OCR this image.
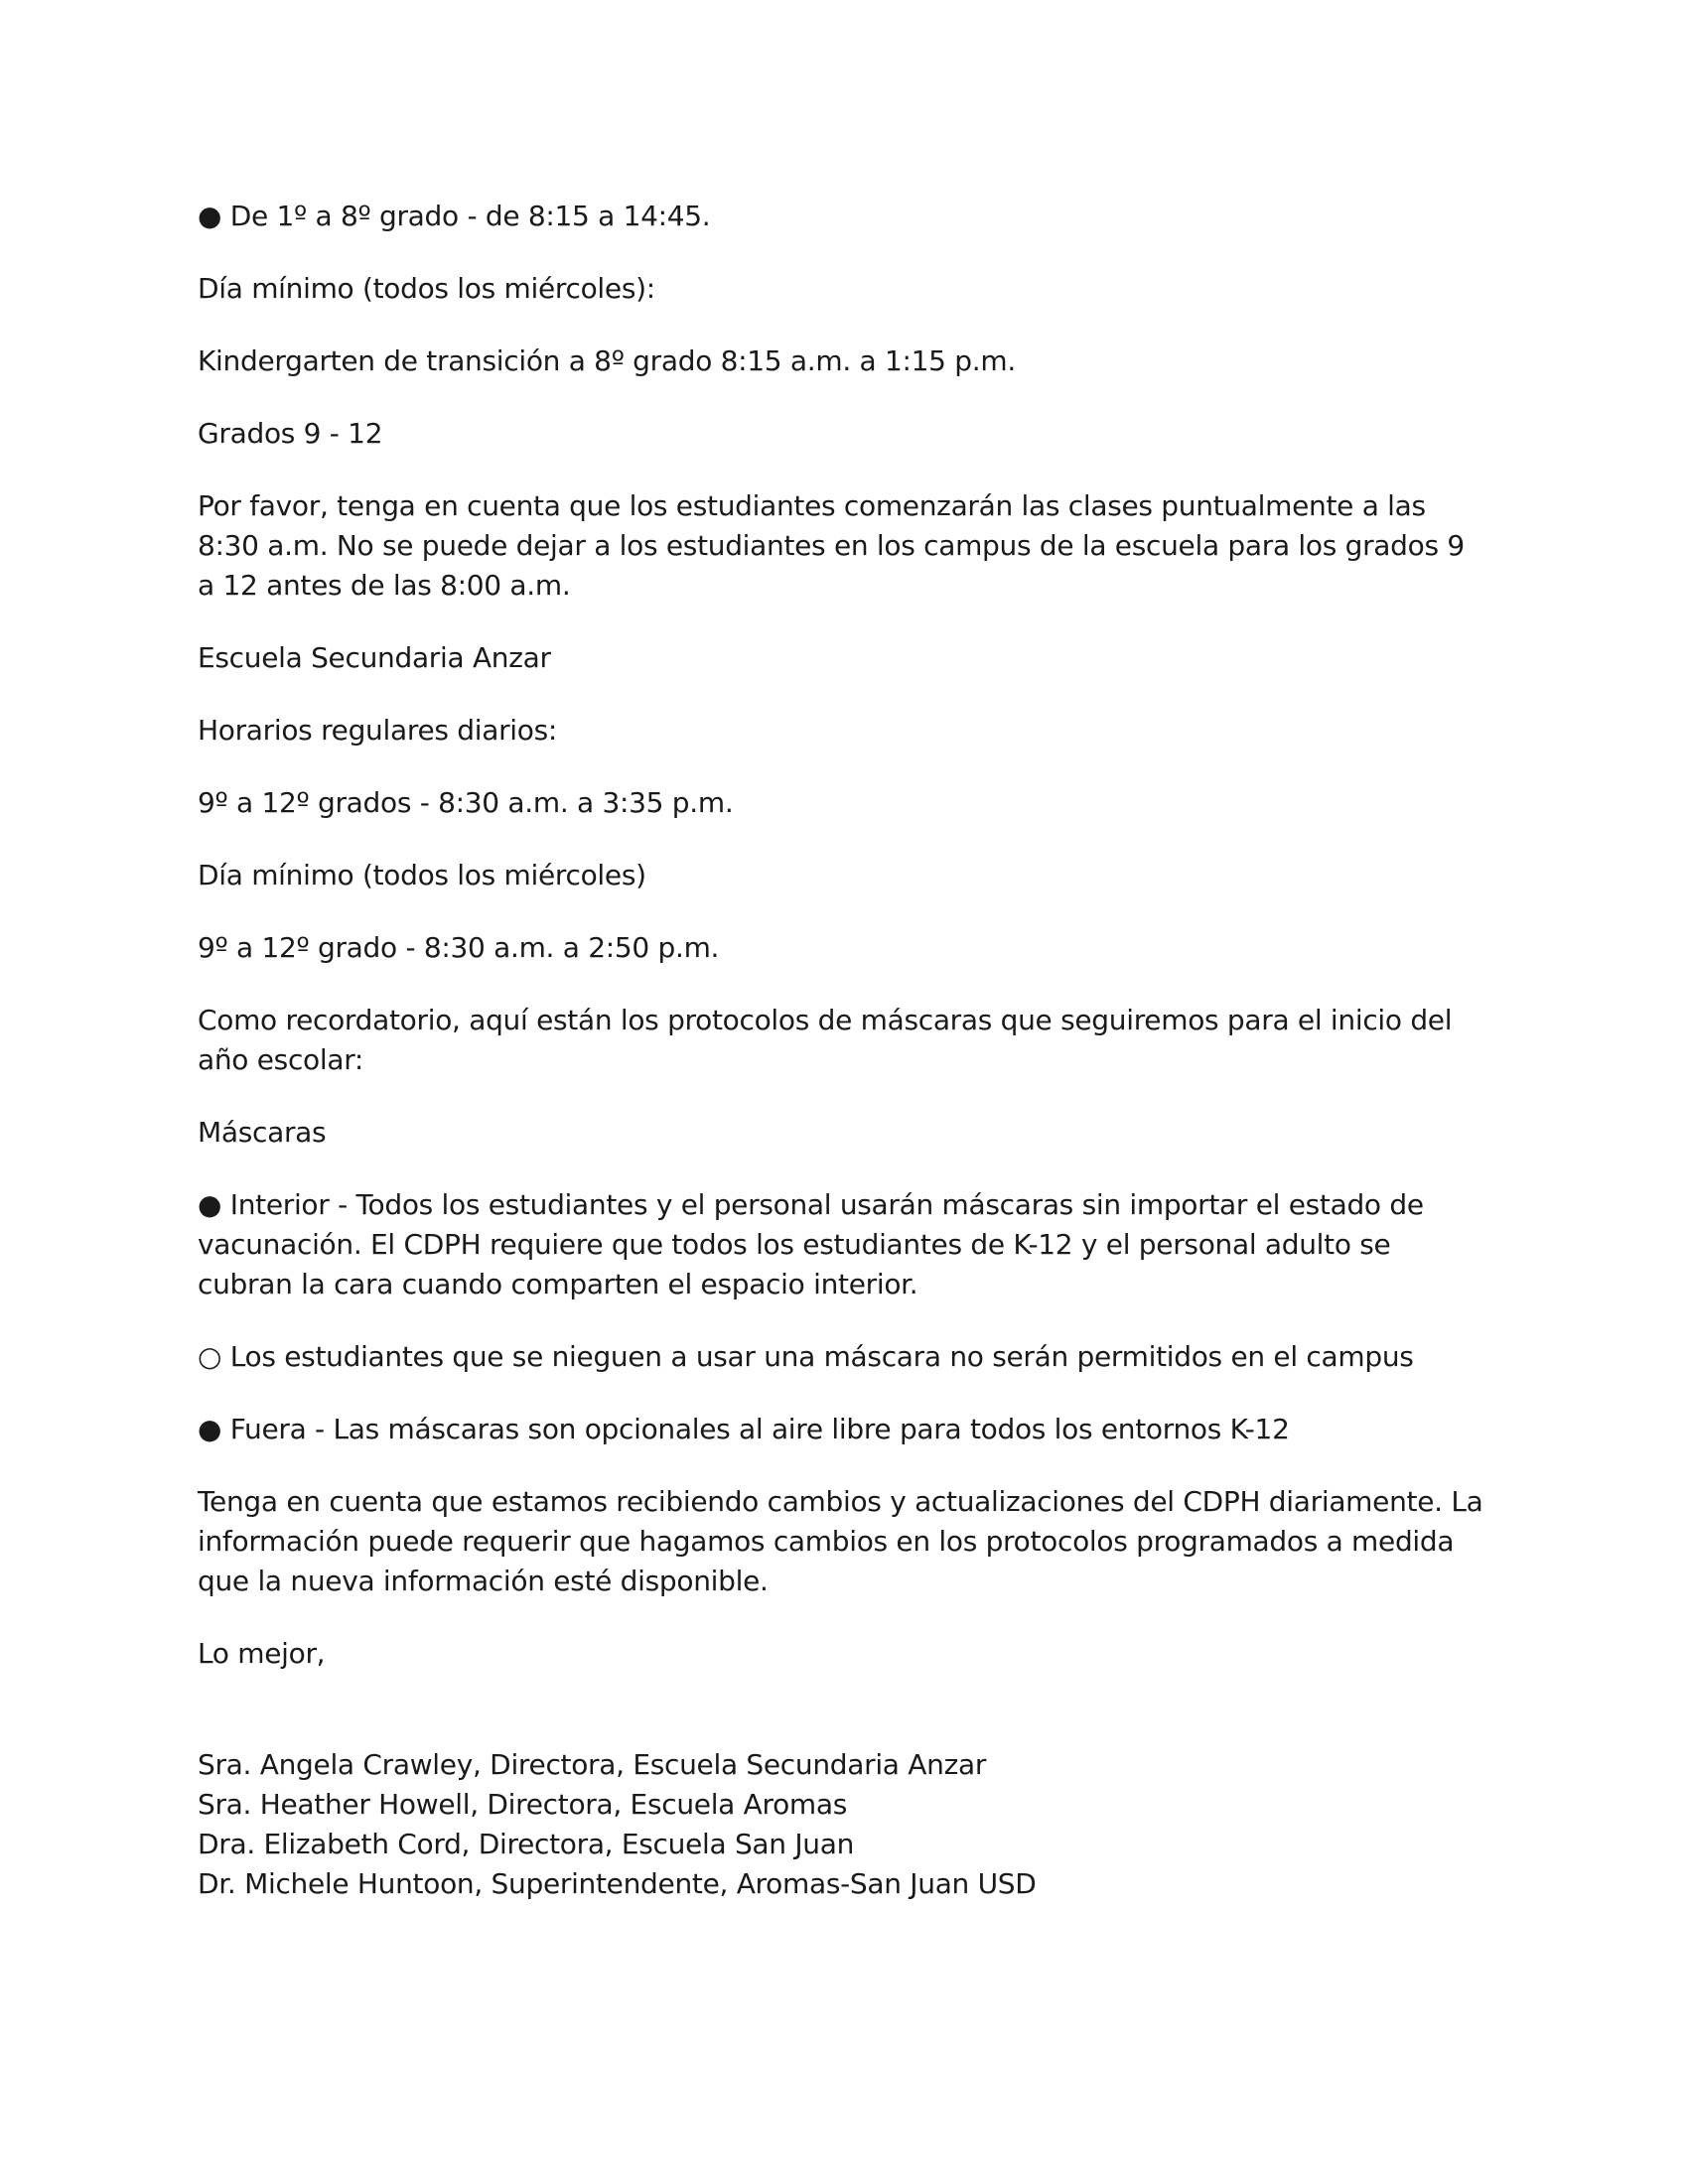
● De 1º a 8º grado - de 8:15 a 14:45.

Día mínimo (todos los miércoles):

Kindergarten de transición a 8º grado 8:15 a.m. a 1:15 p.m.

Grados 9 - 12

Por favor, tenga en cuenta que los estudiantes comenzarán las clases puntualmente a las 8:30 a.m. No se puede dejar a los estudiantes en los campus de la escuela para los grados 9 a 12 antes de las 8:00 a.m.

Escuela Secundaria Anzar

Horarios regulares diarios:

9º a 12º grados - 8:30 a.m. a 3:35 p.m.

Día mínimo (todos los miércoles)

9º a 12º grado - 8:30 a.m. a 2:50 p.m.

Como recordatorio, aquí están los protocolos de máscaras que seguiremos para el inicio del año escolar:

Máscaras

● Interior - Todos los estudiantes y el personal usarán máscaras sin importar el estado de vacunación. El CDPH requiere que todos los estudiantes de K-12 y el personal adulto se cubran la cara cuando comparten el espacio interior.

○ Los estudiantes que se nieguen a usar una máscara no serán permitidos en el campus

● Fuera - Las máscaras son opcionales al aire libre para todos los entornos K-12

Tenga en cuenta que estamos recibiendo cambios y actualizaciones del CDPH diariamente. La información puede requerir que hagamos cambios en los protocolos programados a medida que la nueva información esté disponible.

Lo mejor,

Sra. Angela Crawley, Directora, Escuela Secundaria Anzar
Sra. Heather Howell, Directora, Escuela Aromas
Dra. Elizabeth Cord, Directora, Escuela San Juan
Dr. Michele Huntoon, Superintendente, Aromas-San Juan USD
